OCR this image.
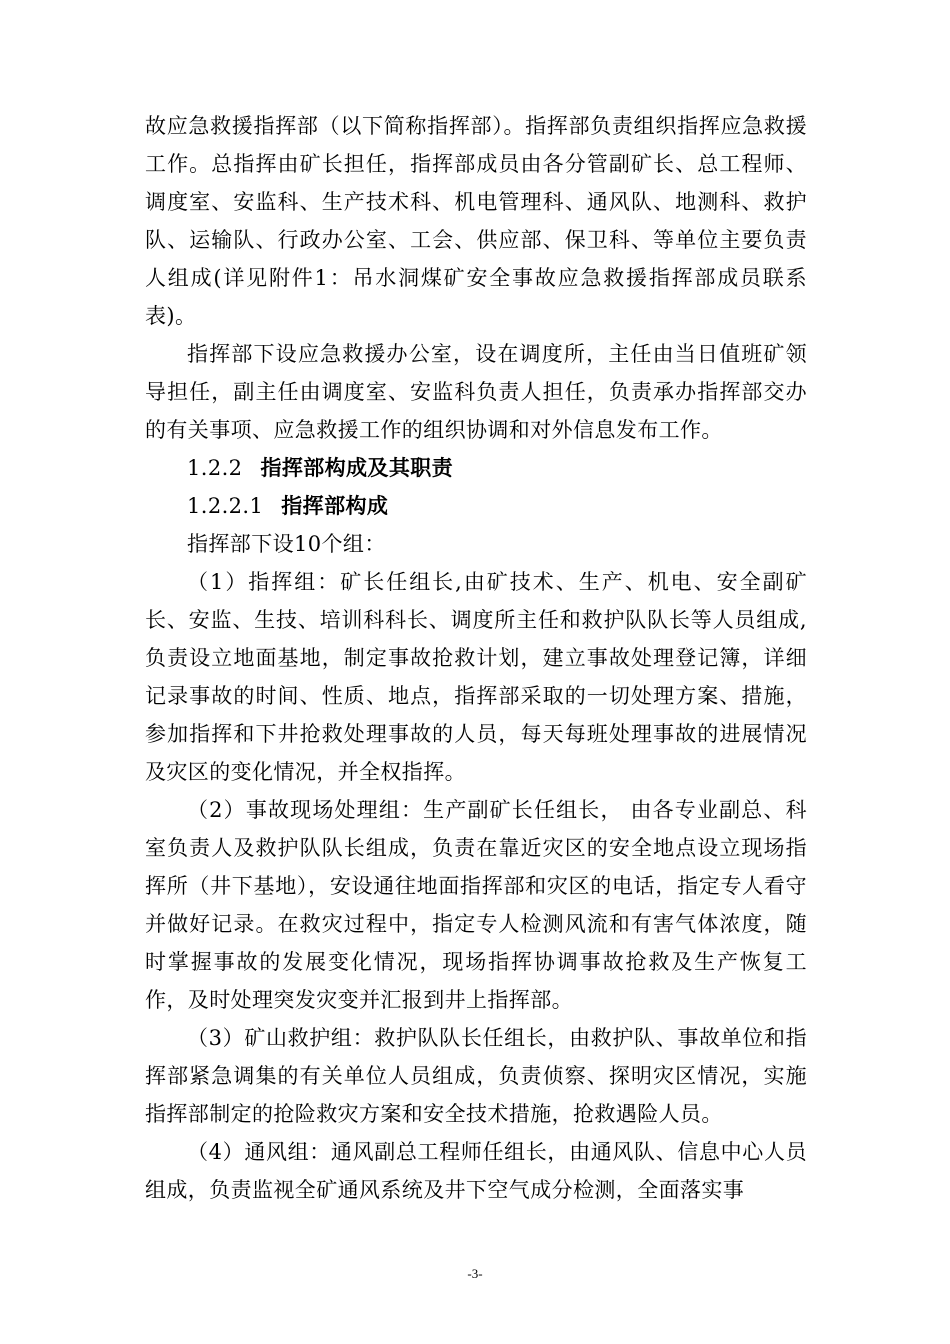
故应急救援指挥部（以下简称指挥部）。指挥部负责组织指挥应急救援工作。总指挥由矿长担任，指挥部成员由各分管副矿长、总工程师、调度室、安监科、生产技术科、机电管理科、通风队、地测科、救护队、运输队、行政办公室、工会、供应部、保卫科、等单位主要负责人组成(详见附件1：吊水洞煤矿安全事故应急救援指挥部成员联系表)。

指挥部下设应急救援办公室，设在调度所，主任由当日值班矿领导担任，副主任由调度室、安监科负责人担任，负责承办指挥部交办的有关事项、应急救援工作的组织协调和对外信息发布工作。

1.2.2 指挥部构成及其职责

1.2.2.1 指挥部构成

指挥部下设10个组：

（1）指挥组：矿长任组长,由矿技术、生产、机电、安全副矿长、安监、生技、培训科科长、调度所主任和救护队队长等人员组成,负责设立地面基地，制定事故抢救计划，建立事故处理登记簿，详细记录事故的时间、性质、地点，指挥部采取的一切处理方案、措施，参加指挥和下井抢救处理事故的人员，每天每班处理事故的进展情况及灾区的变化情况，并全权指挥。

（2）事故现场处理组：生产副矿长任组长， 由各专业副总、科室负责人及救护队队长组成，负责在靠近灾区的安全地点设立现场指挥所（井下基地），安设通往地面指挥部和灾区的电话，指定专人看守并做好记录。在救灾过程中，指定专人检测风流和有害气体浓度，随时掌握事故的发展变化情况，现场指挥协调事故抢救及生产恢复工作，及时处理突发灾变并汇报到井上指挥部。

（3）矿山救护组：救护队队长任组长，由救护队、事故单位和指挥部紧急调集的有关单位人员组成，负责侦察、探明灾区情况，实施指挥部制定的抢险救灾方案和安全技术措施，抢救遇险人员。

（4）通风组：通风副总工程师任组长，由通风队、信息中心人员组成，负责监视全矿通风系统及井下空气成分检测，全面落实事

-3-
